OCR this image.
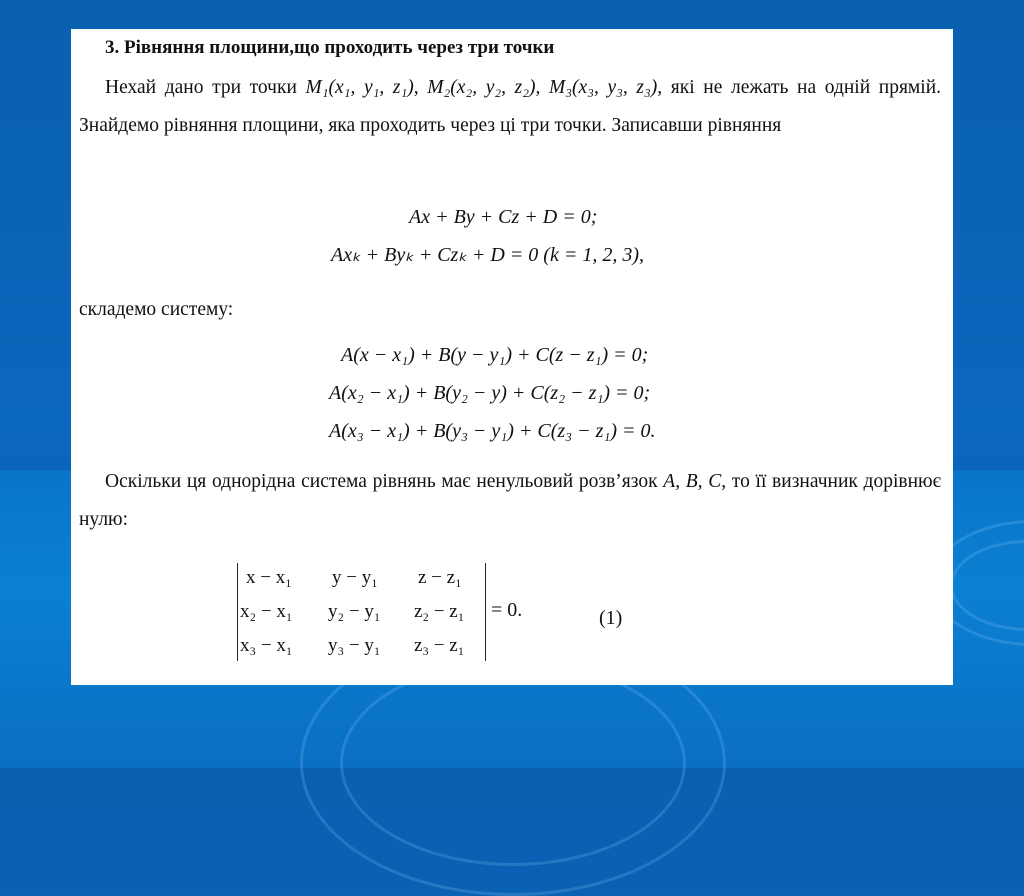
3. Рівняння площини,що проходить через три точки
Нехай дано три точки M₁(x₁, y₁, z₁), M₂(x₂, y₂, z₂), M₃(x₃, y₃, z₃), які не лежать на одній прямій. Знайдемо рівняння площини, яка проходить через ці три точки. Записавши рівняння
Ax + By + Cz + D = 0;
Axₖ + Byₖ + Czₖ + D = 0 (k = 1, 2, 3),
складемо систему:
A(x − x₁) + B(y − y₁) + C(z − z₁) = 0;
A(x₂ − x₁) + B(y₂ − y) + C(z₂ − z₁) = 0;
A(x₃ − x₁) + B(y₃ − y₁) + C(z₃ − z₁) = 0.
Оскільки ця однорідна система рівнянь має ненульовий розв’язок A, B, C, то її визначник дорівнює нулю:
x − x₁ y − y₁ z − z₁
x₂ − x₁ y₂ − y₁ z₂ − z₁
x₃ − x₁ y₃ − y₁ z₃ − z₁
= 0.	(1)
